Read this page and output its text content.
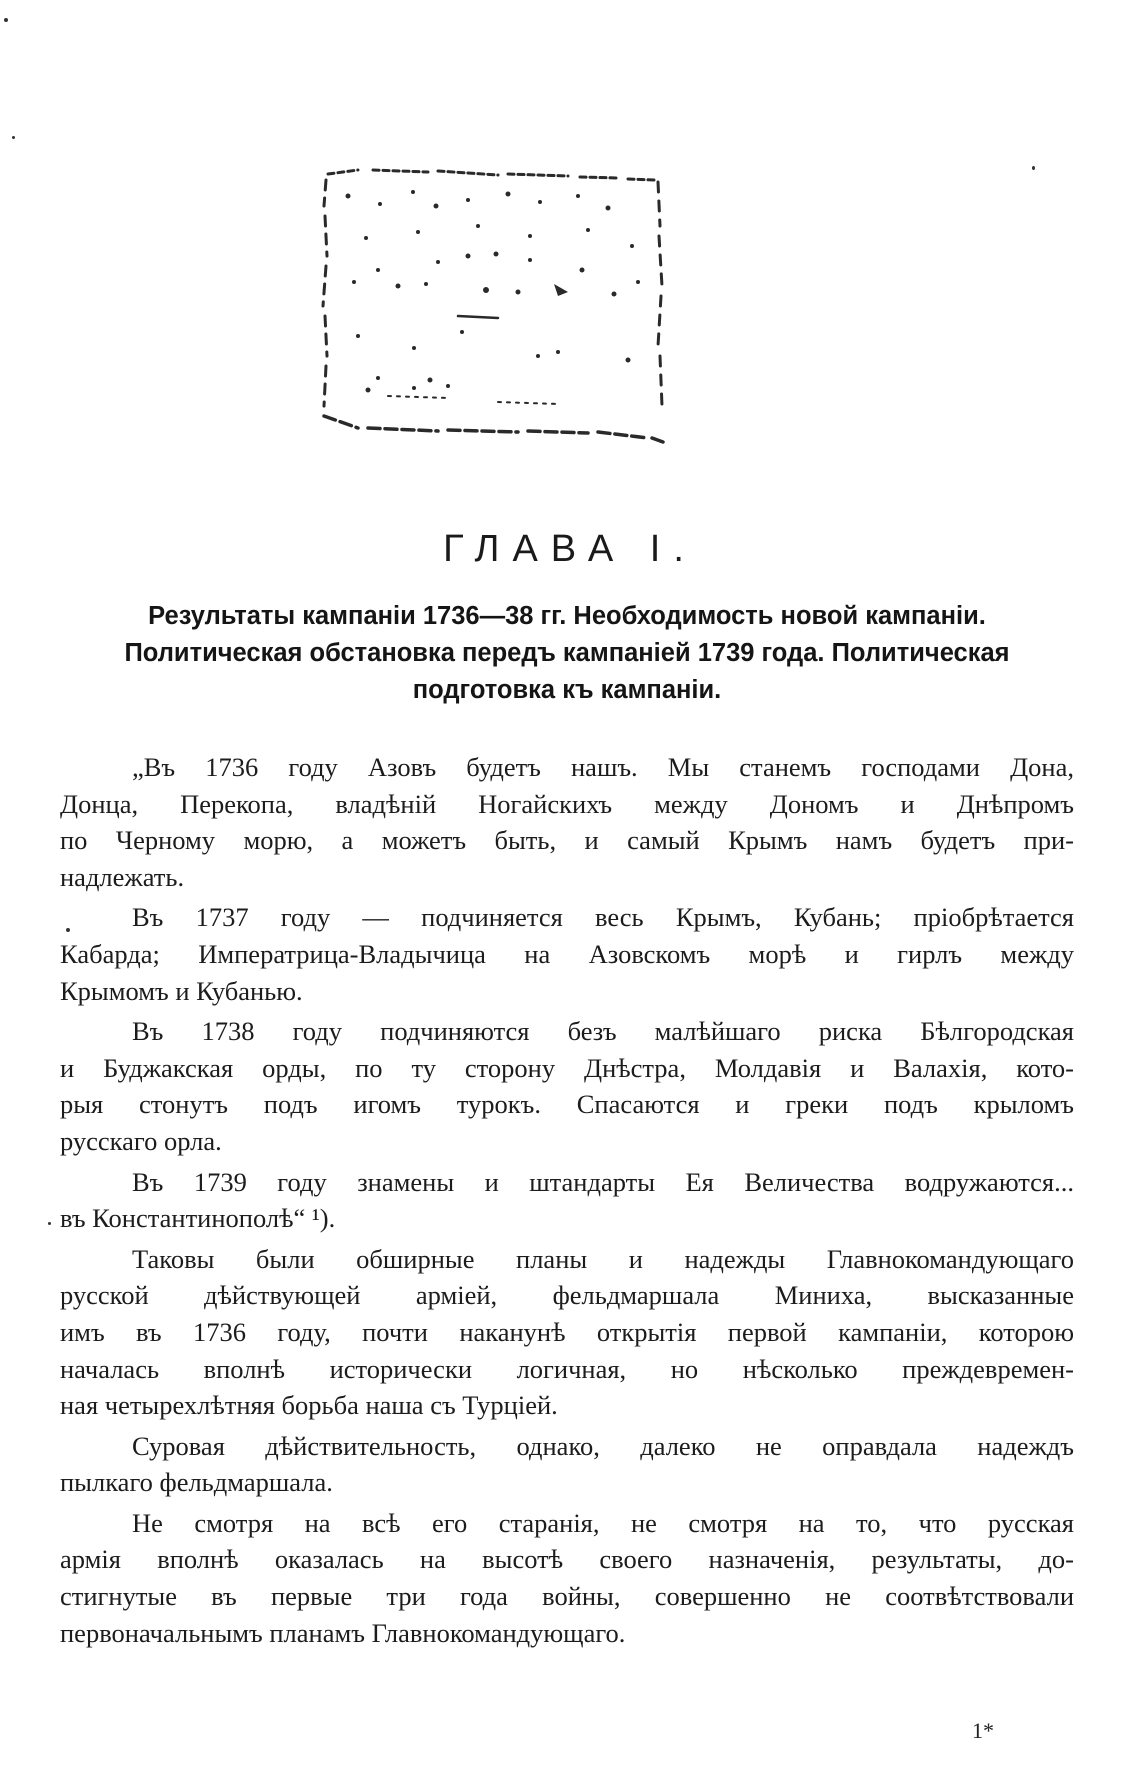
ГЛАВА I.
Результаты кампаніи 1736—38 гг. Необходимость новой кампаніи.
Политическая обстановка передъ кампаніей 1739 года. Политическая
подготовка къ кампаніи.
„Въ 1736 году Азовъ будетъ нашъ. Мы станемъ господами Дона,
Донца, Перекопа, владѣній Ногайскихъ между Дономъ и Днѣпромъ
по Черному морю, а можетъ быть, и самый Крымъ намъ будетъ при-
надлежать.
Въ 1737 году — подчиняется весь Крымъ, Кубань; пріобрѣтается
Кабарда; Императрица-Владычица на Азовскомъ морѣ и гирлъ между
Крымомъ и Кубанью.
Въ 1738 году подчиняются безъ малѣйшаго риска Бѣлгородская
и Буджакская орды, по ту сторону Днѣстра, Молдавія и Валахія, кото-
рыя стонутъ подъ игомъ турокъ. Спасаются и греки подъ крыломъ
русскаго орла.
Въ 1739 году знамены и штандарты Ея Величества водружаются...
въ Константинополѣ“ ¹).
Таковы были обширные планы и надежды Главнокомандующаго
русской дѣйствующей арміей, фельдмаршала Миниха, высказанные
имъ въ 1736 году, почти наканунѣ открытія первой кампаніи, которою
началась вполнѣ исторически логичная, но нѣсколько преждевремен-
ная четырехлѣтняя борьба наша съ Турціей.
Суровая дѣйствительность, однако, далеко не оправдала надеждъ
пылкаго фельдмаршала.
Не смотря на всѣ его старанія, не смотря на то, что русская
армія вполнѣ оказалась на высотѣ своего назначенія, результаты, до-
стигнутые въ первые три года войны, совершенно не соотвѣтствовали
первоначальнымъ планамъ Главнокомандующаго.
1*
